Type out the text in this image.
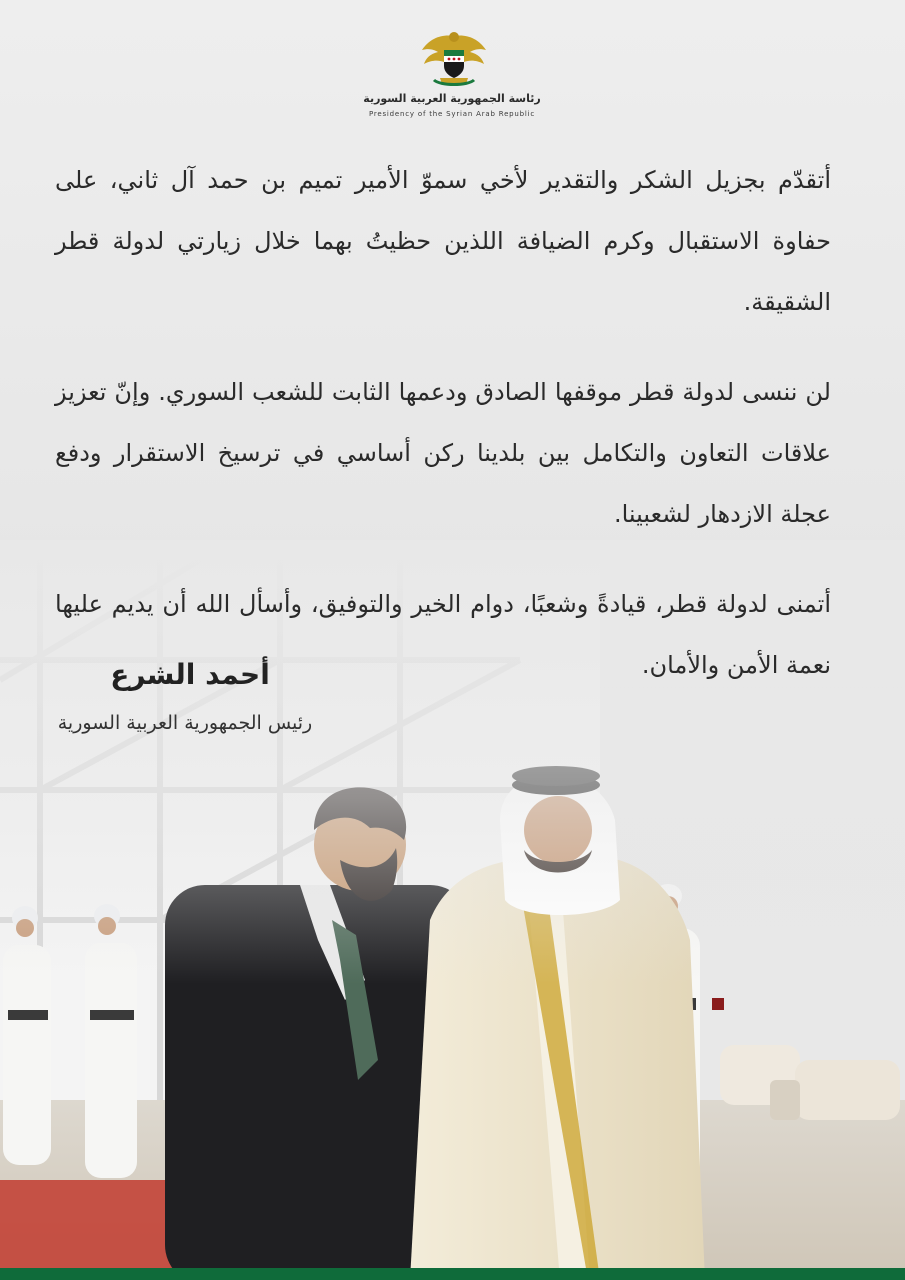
رئاسة الجمهورية العربية السورية
Presidency of the Syrian Arab Republic

أتقدّم بجزيل الشكر والتقدير لأخي سموّ الأمير تميم بن حمد آل ثاني، على حفاوة الاستقبال وكرم الضيافة اللذين حظيتُ بهما خلال زيارتي لدولة قطر الشقيقة.

لن ننسى لدولة قطر موقفها الصادق ودعمها الثابت للشعب السوري. وإنّ تعزيز علاقات التعاون والتكامل بين بلدينا ركن أساسي في ترسيخ الاستقرار ودفع عجلة الازدهار لشعبينا.

أتمنى لدولة قطر، قيادةً وشعبًا، دوام الخير والتوفيق، وأسأل الله أن يديم عليها نعمة الأمن والأمان.

أحمد الشرع
رئيس الجمهورية العربية السورية
